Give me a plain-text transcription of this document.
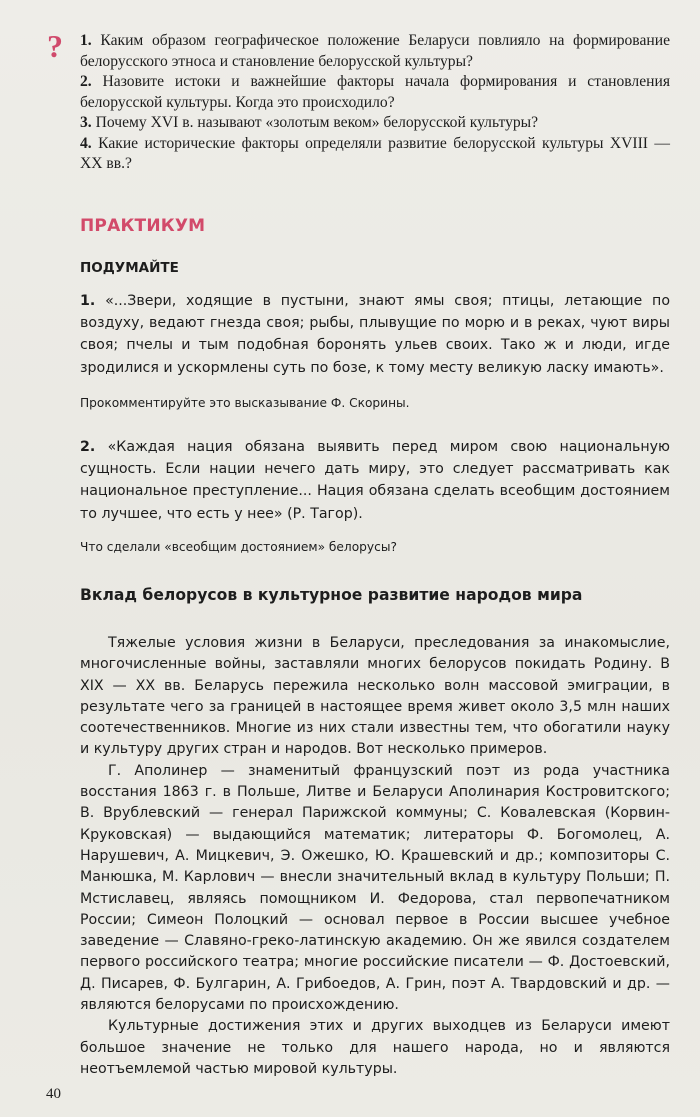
? 1. Каким образом географическое положение Беларуси повлияло на формирование белорусского этноса и становление белорусской культуры?

2. Назовите истоки и важнейшие факторы начала формирования и становления белорусской культуры. Когда это происходило?

3. Почему XVI в. называют «золотым веком» белорусской культуры?

4. Какие исторические факторы определяли развитие белорусской культуры XVIII — XX вв.?

ПРАКТИКУМ
ПОДУМАЙТЕ

1. «...Звери, ходящие в пустыни, знают ямы своя; птицы, летающие по воздуху, ведают гнезда своя; рыбы, плывущие по морю и в реках, чуют виры своя; пчелы и тым подобная боронять ульев своих. Тако ж и люди, игде зродилися и ускормлены суть по бозе, к тому месту великую ласку имають».

Прокомментируйте это высказывание Ф. Скорины.

2. «Каждая нация обязана выявить перед миром свою национальную сущность. Если нации нечего дать миру, это следует рассматривать как национальное преступление... Нация обязана сделать всеобщим достоянием то лучшее, что есть у нее» (Р. Тагор).

Что сделали «всеобщим достоянием» белорусы?
Вклад белорусов в культурное развитие народов мира

Тяжелые условия жизни в Беларуси, преследования за инакомыслие, многочисленные войны, заставляли многих белорусов покидать Родину. В XIX — XX вв. Беларусь пережила несколько волн массовой эмиграции, в результате чего за границей в настоящее время живет около 3,5 млн наших соотечественников. Многие из них стали известны тем, что обогатили науку и культуру других стран и народов. Вот несколько примеров.

Г. Аполинер — знаменитый французский поэт из рода участника восстания 1863 г. в Польше, Литве и Беларуси Аполинария Костровитского; В. Врублевский — генерал Парижской коммуны; С. Ковалевская (Корвин-Круковская) — выдающийся математик; литераторы Ф. Богомолец, А. Нарушевич, А. Мицкевич, Э. Ожешко, Ю. Крашевский и др.; композиторы С. Манюшка, М. Карлович — внесли значительный вклад в культуру Польши; П. Мстиславец, являясь помощником И. Федорова, стал первопечатником России; Симеон Полоцкий — основал первое в России высшее учебное заведение — Славяно-греко-латинскую академию. Он же явился создателем первого российского театра; многие российские писатели — Ф. Достоевский, Д. Писарев, Ф. Булгарин, А. Грибоедов, А. Грин, поэт А. Твардовский и др. — являются белорусами по происхождению.

Культурные достижения этих и других выходцев из Беларуси имеют большое значение не только для нашего народа, но и являются неотъемлемой частью мировой культуры.

40
